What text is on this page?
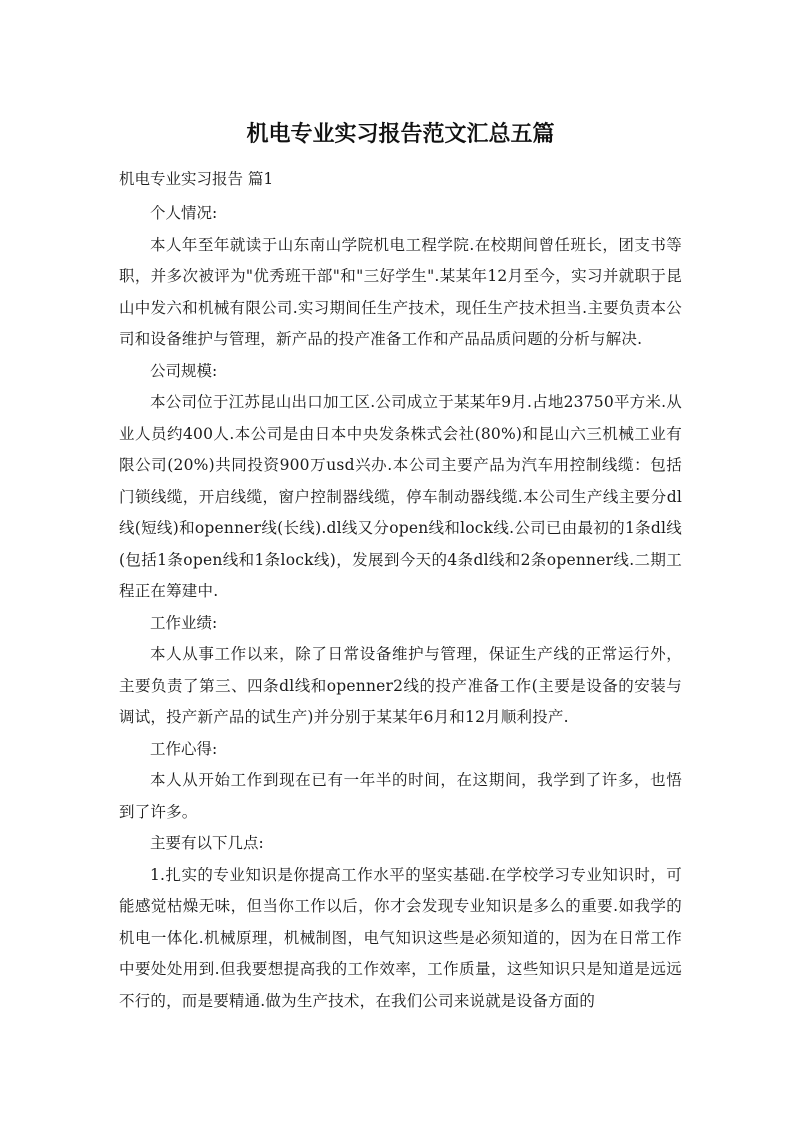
机电专业实习报告范文汇总五篇
机电专业实习报告 篇1

个人情况:

本人年至年就读于山东南山学院机电工程学院.在校期间曾任班长，团支书等职，并多次被评为"优秀班干部"和"三好学生".某某年12月至今，实习并就职于昆山中发六和机械有限公司.实习期间任生产技术，现任生产技术担当.主要负责本公司和设备维护与管理，新产品的投产准备工作和产品品质问题的分析与解决.

公司规模:

本公司位于江苏昆山出口加工区.公司成立于某某年9月.占地23750平方米.从业人员约400人.本公司是由日本中央发条株式会社(80%)和昆山六三机械工业有限公司(20%)共同投资900万usd兴办.本公司主要产品为汽车用控制线缆：包括门锁线缆，开启线缆，窗户控制器线缆，停车制动器线缆.本公司生产线主要分dl线(短线)和openner线(长线).dl线又分open线和lock线.公司已由最初的1条dl线(包括1条open线和1条lock线)，发展到今天的4条dl线和2条openner线.二期工程正在筹建中.

工作业绩:

本人从事工作以来，除了日常设备维护与管理，保证生产线的正常运行外，主要负责了第三、四条dl线和openner2线的投产准备工作(主要是设备的安装与调试，投产新产品的试生产)并分别于某某年6月和12月顺利投产.

工作心得:

本人从开始工作到现在已有一年半的时间，在这期间，我学到了许多，也悟到了许多。

主要有以下几点:

1.扎实的专业知识是你提高工作水平的坚实基础.在学校学习专业知识时，可能感觉枯燥无味，但当你工作以后，你才会发现专业知识是多么的重要.如我学的机电一体化.机械原理，机械制图，电气知识这些是必须知道的，因为在日常工作中要处处用到.但我要想提高我的工作效率，工作质量，这些知识只是知道是远远不行的，而是要精通.做为生产技术，在我们公司来说就是设备方面的
